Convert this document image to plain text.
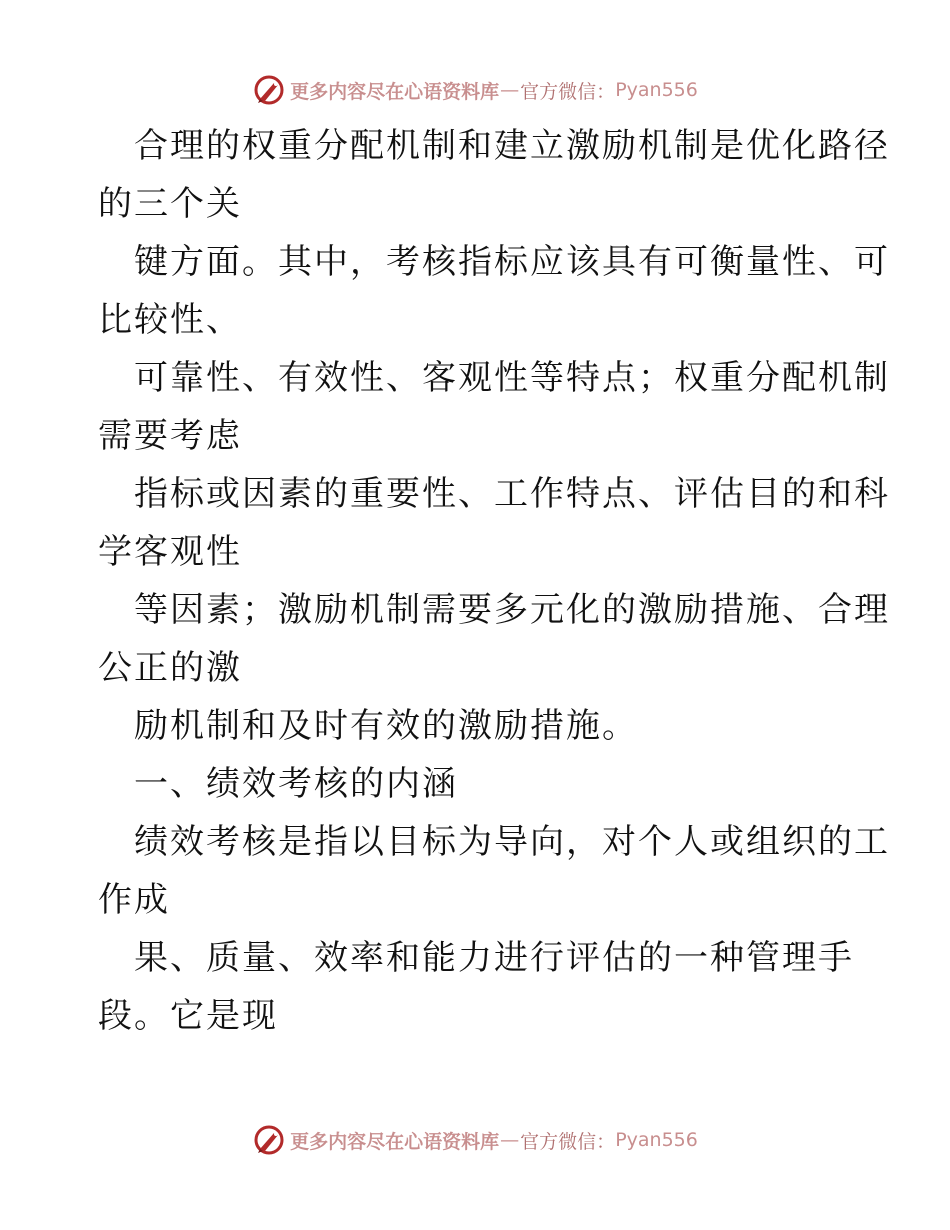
更多内容尽在心语资料库 — 官方微信： Pyan556
合理的权重分配机制和建立激励机制是优化路径
的三个关
键方面。其中，考核指标应该具有可衡量性、可
比较性、
可靠性、有效性、客观性等特点；权重分配机制
需要考虑
指标或因素的重要性、工作特点、评估目的和科
学客观性
等因素；激励机制需要多元化的激励措施、合理
公正的激
励机制和及时有效的激励措施。
一、绩效考核的内涵
绩效考核是指以目标为导向，对个人或组织的工
作成
果、质量、效率和能力进行评估的一种管理手
段。它是现
更多内容尽在心语资料库 — 官方微信： Pyan556
